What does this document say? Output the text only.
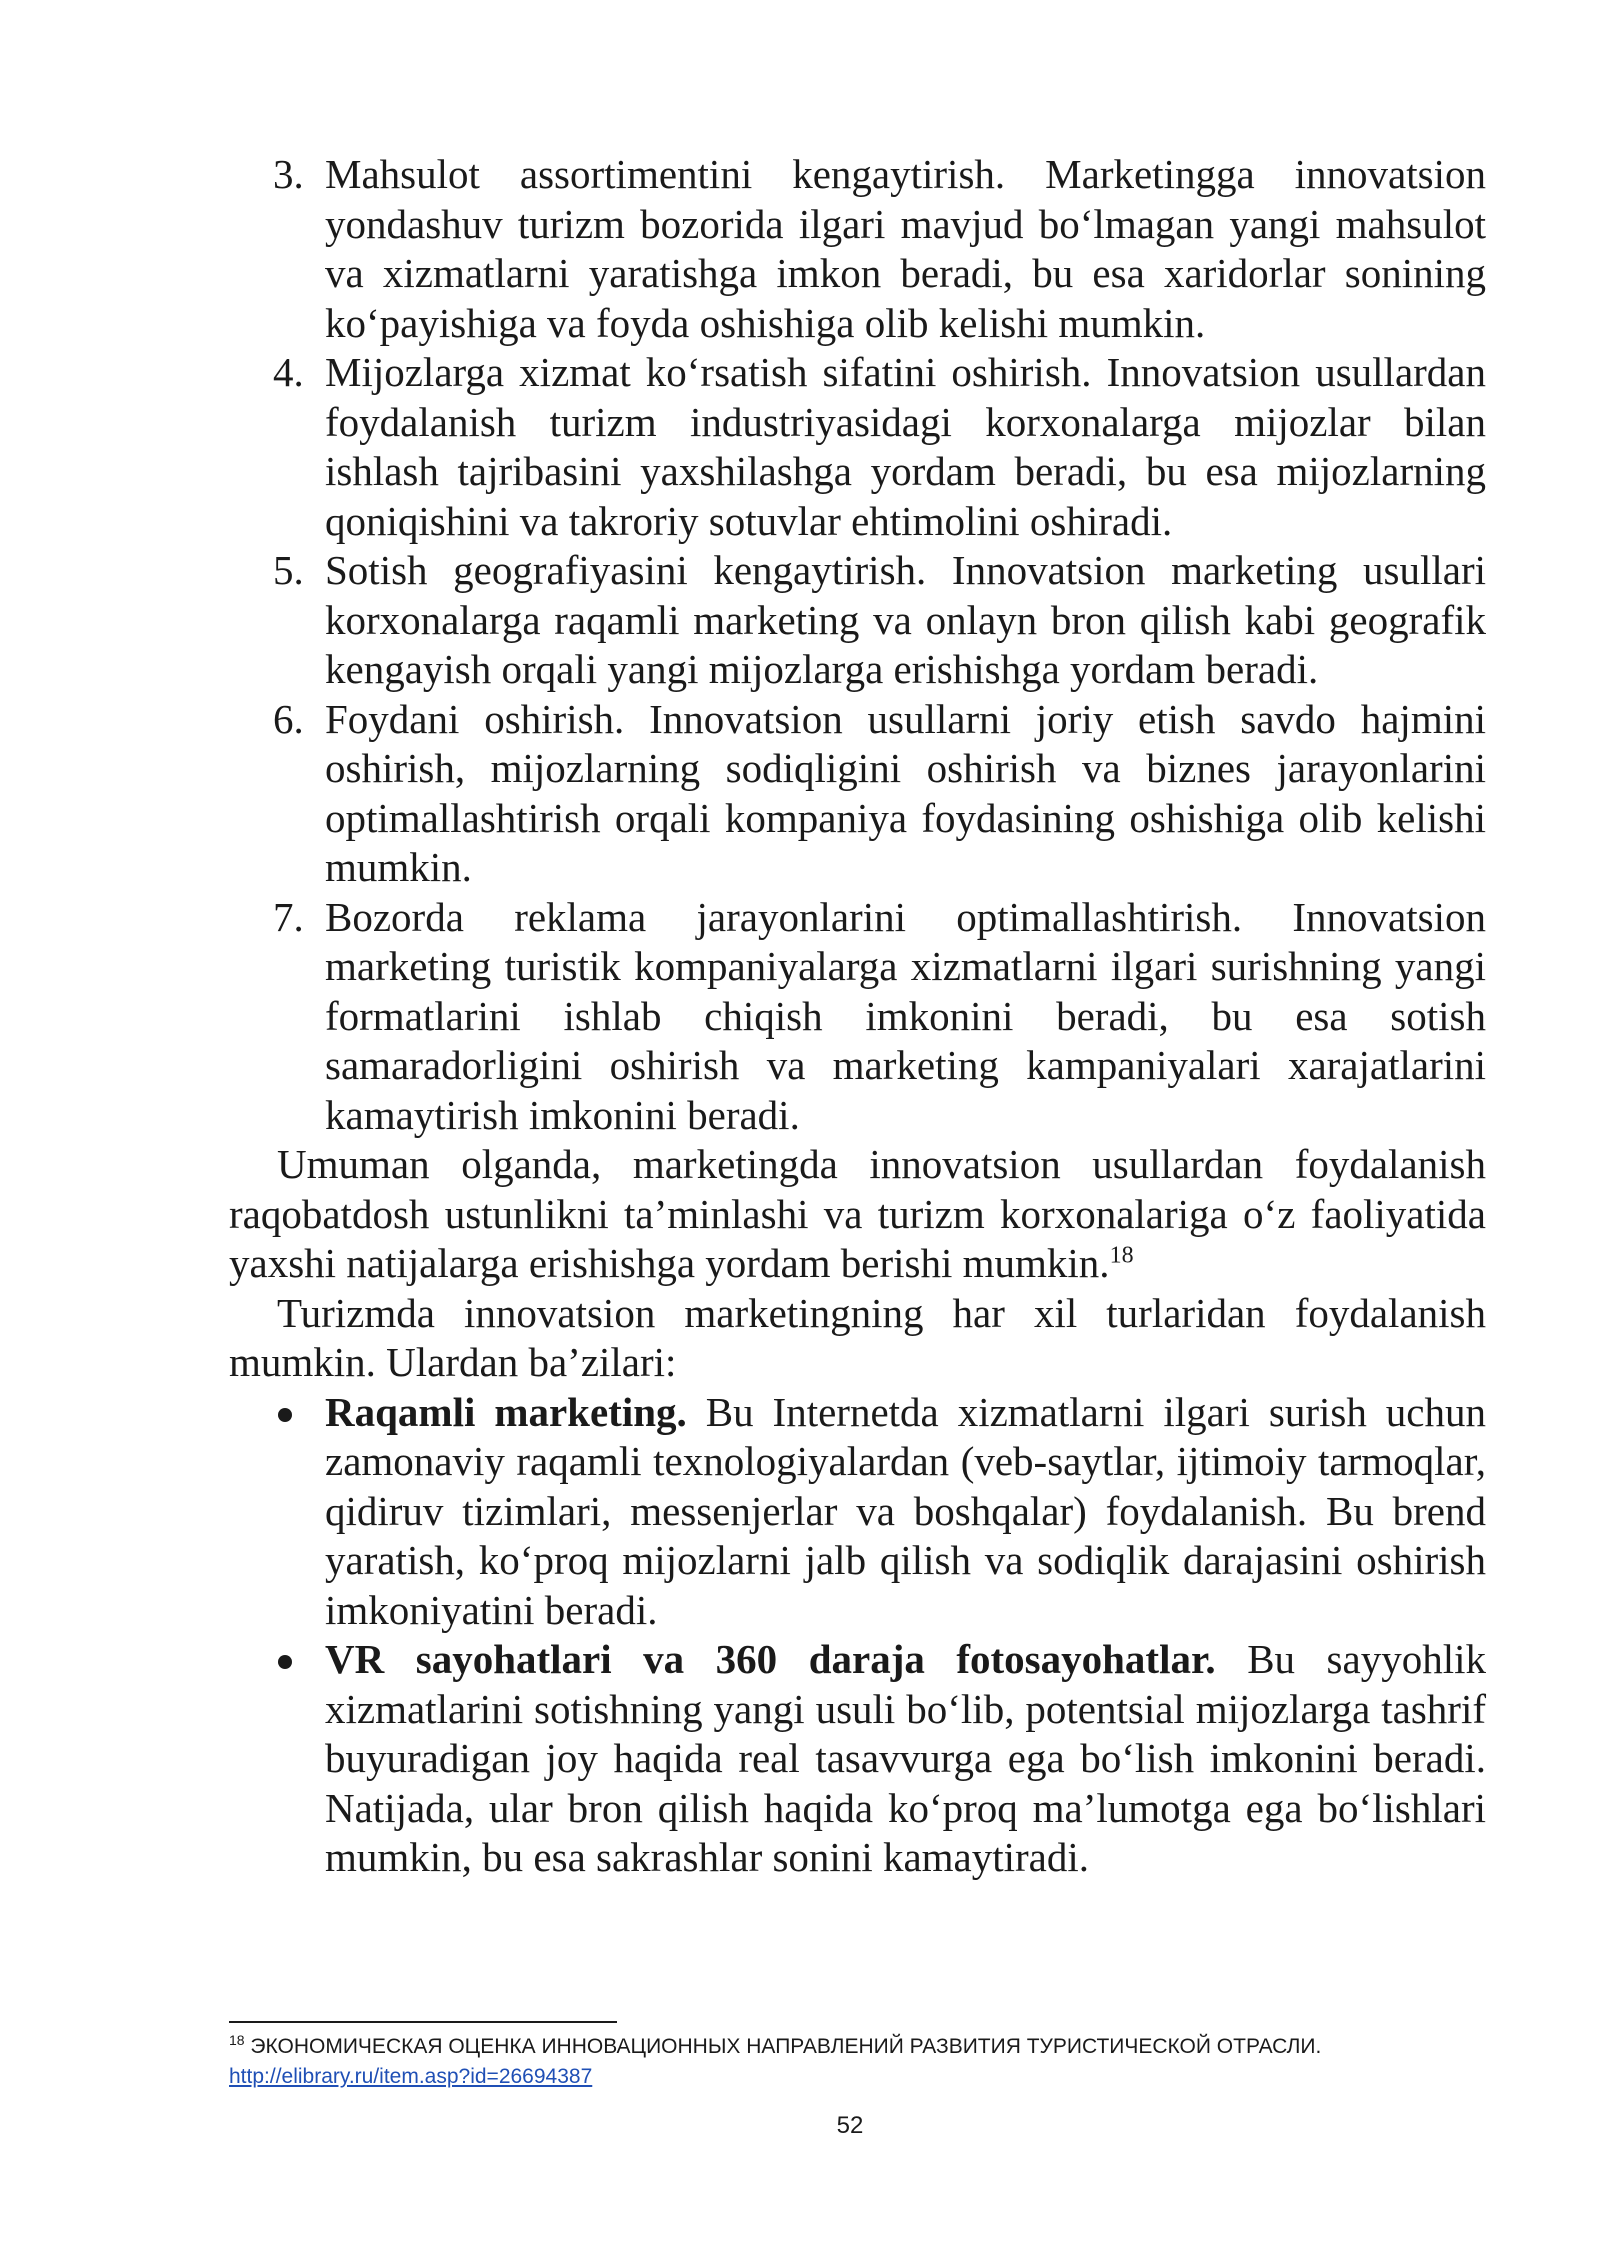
Mahsulot assortimentini kengaytirish. Marketingga innovatsion yondashuv turizm bozorida ilgari mavjud bo‘lmagan yangi mahsulot va xizmatlarni yaratishga imkon beradi, bu esa xaridorlar sonining ko‘payishiga va foyda oshishiga olib kelishi mumkin.
Mijozlarga xizmat ko‘rsatish sifatini oshirish. Innovatsion usullardan foydalanish turizm industriyasidagi korxonalarga mijozlar bilan ishlash tajribasini yaxshilashga yordam beradi, bu esa mijozlarning qoniqishini va takroriy sotuvlar ehtimolini oshiradi.
Sotish geografiyasini kengaytirish. Innovatsion marketing usullari korxonalarga raqamli marketing va onlayn bron qilish kabi geografik kengayish orqali yangi mijozlarga erishishga yordam beradi.
Foydani oshirish. Innovatsion usullarni joriy etish savdo hajmini oshirish, mijozlarning sodiqligini oshirish va biznes jarayonlarini optimallashtirish orqali kompaniya foydasining oshishiga olib kelishi mumkin.
Bozorda reklama jarayonlarini optimallashtirish. Innovatsion marketing turistik kompaniyalarga xizmatlarni ilgari surishning yangi formatlarini ishlab chiqish imkonini beradi, bu esa sotish samaradorligini oshirish va marketing kampaniyalari xarajatlarini kamaytirish imkonini beradi.

Umuman olganda, marketingda innovatsion usullardan foydalanish raqobatdosh ustunlikni ta’minlashi va turizm korxonalariga o‘z faoliyatida yaxshi natijalarga erishishga yordam berishi mumkin.$^{18}$

Turizmda innovatsion marketingning har xil turlaridan foydalanish mumkin. Ulardan ba’zilari:

Raqamli marketing. Bu Internetda xizmatlarni ilgari surish uchun zamonaviy raqamli texnologiyalardan (veb-saytlar, ijtimoiy tarmoqlar, qidiruv tizimlari, messenjerlar va boshqalar) foydalanish. Bu brend yaratish, ko‘proq mijozlarni jalb qilish va sodiqlik darajasini oshirish imkoniyatini beradi.
VR sayohatlari va 360 daraja fotosayohatlar. Bu sayyohlik xizmatlarini sotishning yangi usuli bo‘lib, potentsial mijozlarga tashrif buyuradigan joy haqida real tasavvurga ega bo‘lish imkonini beradi. Natijada, ular bron qilish haqida ko‘proq ma’lumotga ega bo‘lishlari mumkin, bu esa sakrashlar sonini kamaytiradi.
$^{18}$ ЭКОНОМИЧЕСКАЯ ОЦЕНКА ИННОВАЦИОННЫХ НАПРАВЛЕНИЙ РАЗВИТИЯ ТУРИСТИЧЕСКОЙ ОТРАСЛИ.
http://elibrary.ru/item.asp?id=26694387
52
